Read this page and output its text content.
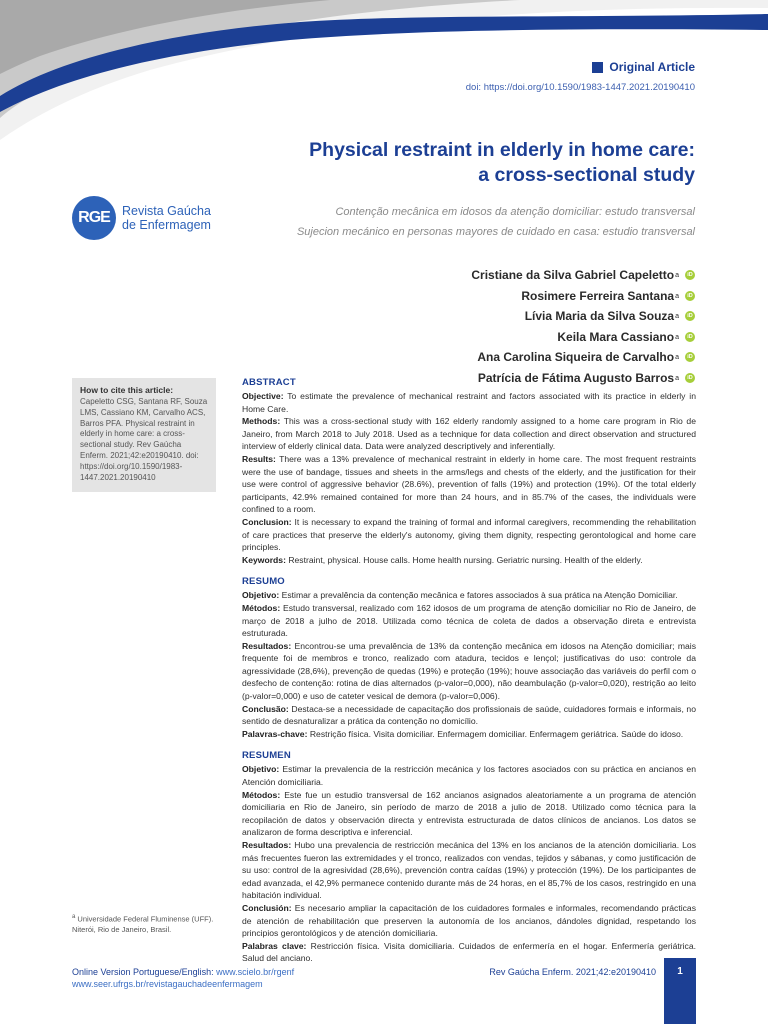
Original Article
doi: https://doi.org/10.1590/1983-1447.2021.20190410
Physical restraint in elderly in home care:
a cross-sectional study
RGE Revista Gaúcha
de Enfermagem
Contenção mecânica em idosos da atenção domiciliar: estudo transversal
Sujecion mecánico en personas mayores de cuidado en casa: estudio transversal
Cristiane da Silva Gabriel Capeletto a	iD
Rosimere Ferreira Santana a	iD
Lívia Maria da Silva Souza a	iD
Keila Mara Cassiano a	iD
Ana Carolina Siqueira de Carvalho a	iD
Patrícia de Fátima Augusto Barros a	iD
How to cite this article:
Capeletto CSG, Santana RF, Souza LMS, Cassiano KM, Carvalho ACS, Barros PFA. Physical restraint in elderly in home care: a cross-sectional study. Rev Gaúcha Enferm. 2021;42:e20190410. doi: https://doi.org/10.1590/1983-1447.2021.20190410
ABSTRACT

Objective: To estimate the prevalence of mechanical restraint and factors associated with its practice in elderly in Home Care.

Methods: This was a cross-sectional study with 162 elderly randomly assigned to a home care program in Rio de Janeiro, from March 2018 to July 2018. Used as a technique for data collection and direct observation and structured interview of elderly clinical data. Data were analyzed descriptively and inferentially.

Results: There was a 13% prevalence of mechanical restraint in elderly in home care. The most frequent restraints were the use of bandage, tissues and sheets in the arms/legs and chests of the elderly, and the justification for their use were control of aggressive behavior (28.6%), prevention of falls (19%) and protection (19%). Of the total elderly participants, 42.9% remained contained for more than 24 hours, and in 85.7% of the cases, the individuals were confined to a room.

Conclusion: It is necessary to expand the training of formal and informal caregivers, recommending the rehabilitation of care practices that preserve the elderly's autonomy, giving them dignity, respecting gerontological and home care principles.

Keywords: Restraint, physical. House calls. Home health nursing. Geriatric nursing. Health of the elderly.

RESUMO

Objetivo: Estimar a prevalência da contenção mecânica e fatores associados à sua prática na Atenção Domiciliar.

Métodos: Estudo transversal, realizado com 162 idosos de um programa de atenção domiciliar no Rio de Janeiro, de março de 2018 a julho de 2018. Utilizada como técnica de coleta de dados a observação direta e entrevista estruturada.

Resultados: Encontrou-se uma prevalência de 13% da contenção mecânica em idosos na Atenção domiciliar; mais frequente foi de membros e tronco, realizado com atadura, tecidos e lençol; justificativas do uso: controle da agressividade (28,6%), prevenção de quedas (19%) e proteção (19%); houve associação das variáveis do perfil com o desfecho de contenção: rotina de dias alternados (p-valor=0,000), não deambulação (p-valor=0,020), restrição ao leito (p-valor=0,000) e uso de cateter vesical de demora (p-valor=0,006).

Conclusão: Destaca-se a necessidade de capacitação dos profissionais de saúde, cuidadores formais e informais, no sentido de desnaturalizar a prática da contenção no domicílio.

Palavras-chave: Restrição física. Visita domiciliar. Enfermagem domiciliar. Enfermagem geriátrica. Saúde do idoso.

RESUMEN

Objetivo: Estimar la prevalencia de la restricción mecánica y los factores asociados con su práctica en ancianos en Atención domiciliaria.

Métodos: Este fue un estudio transversal de 162 ancianos asignados aleatoriamente a un programa de atención domiciliaria en Rio de Janeiro, sin período de marzo de 2018 a julio de 2018. Utilizado como técnica para la recopilación de datos y observación directa y entrevista estructurada de datos clínicos de ancianos. Los datos se analizaron de forma descriptiva e inferencial.

Resultados: Hubo una prevalencia de restricción mecánica del 13% en los ancianos de la atención domiciliaria. Los más frecuentes fueron las extremidades y el tronco, realizados con vendas, tejidos y sábanas, y como justificación de su uso: control de la agresividad (28,6%), prevención contra caídas (19%) y protección (19%). De los participantes de edad avanzada, el 42,9% permanece contenido durante más de 24 horas, en el 85,7% de los casos, restringido en una habitación individual.

Conclusión: Es necesario ampliar la capacitación de los cuidadores formales e informales, recomendando prácticas de atención de rehabilitación que preserven la autonomía de los ancianos, dándoles dignidad, respetando los principios gerontológicos y de atención domiciliaria.

Palabras clave: Restricción física. Visita domiciliaria. Cuidados de enfermería en el hogar. Enfermería geriátrica. Salud del anciano.

$^a$ Universidade Federal Fluminense (UFF). Niterói, Rio de Janeiro, Brasil.
Online Version Portuguese/English: www.scielo.br/rgenf
www.seer.ufrgs.br/revistagauchadeenfermagem
Rev Gaúcha Enferm. 2021;42:e20190410	1
